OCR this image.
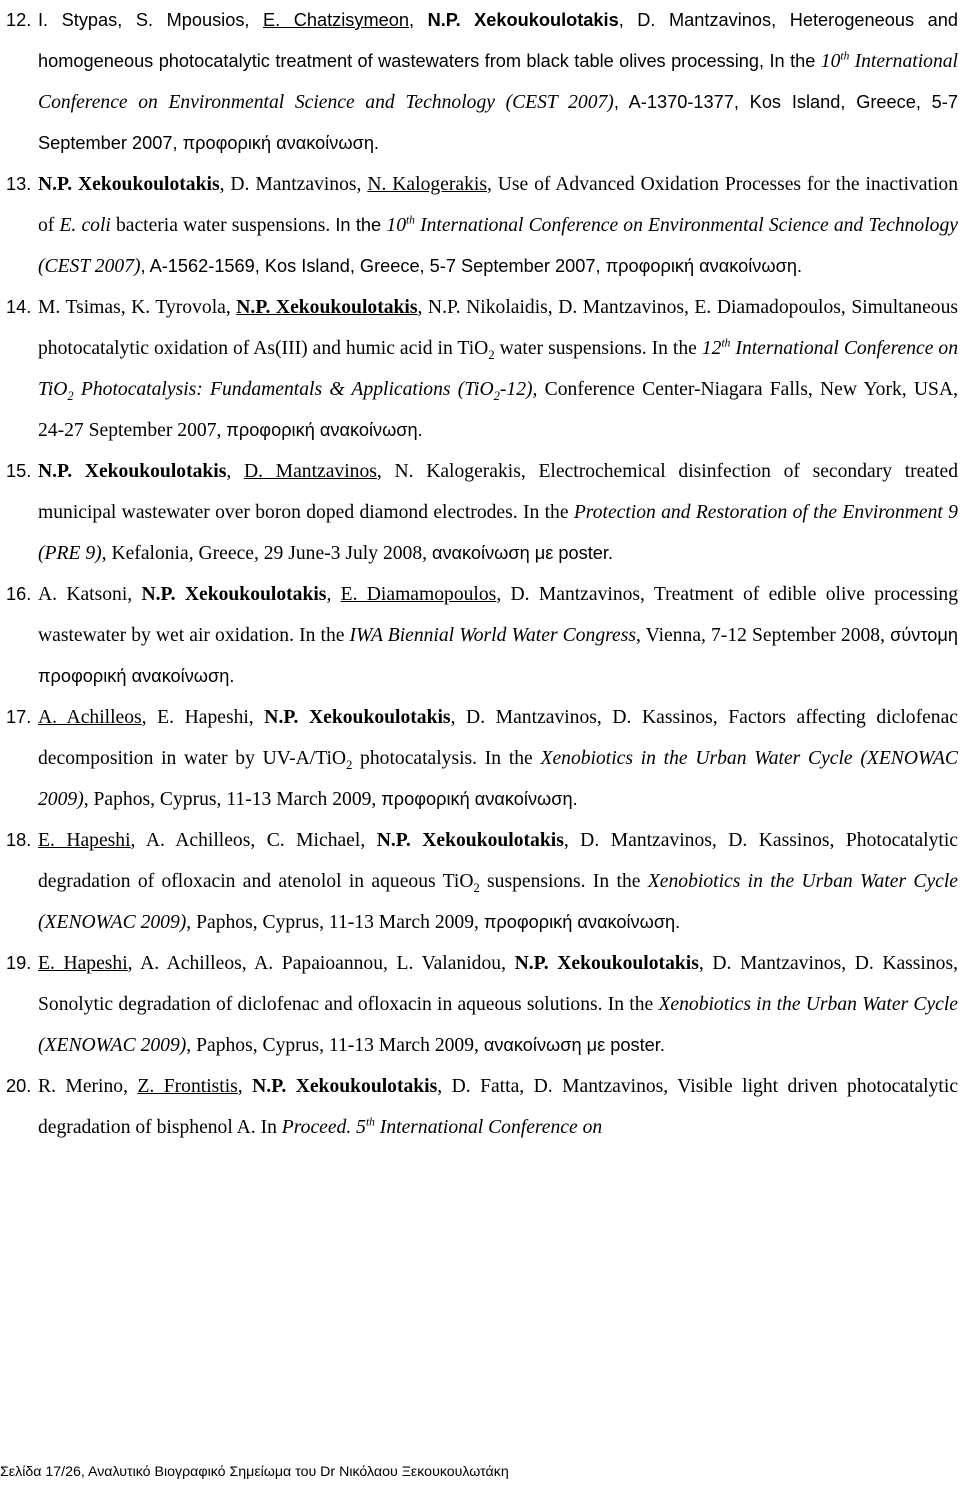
12. I. Stypas, S. Mpousios, E. Chatzisymeon, N.P. Xekoukoulotakis, D. Mantzavinos, Heterogeneous and homogeneous photocatalytic treatment of wastewaters from black table olives processing, In the 10th International Conference on Environmental Science and Technology (CEST 2007), A-1370-1377, Kos Island, Greece, 5-7 September 2007, προφορική ανακοίνωση.
13. N.P. Xekoukoulotakis, D. Mantzavinos, N. Kalogerakis, Use of Advanced Oxidation Processes for the inactivation of E. coli bacteria water suspensions. In the 10th International Conference on Environmental Science and Technology (CEST 2007), A-1562-1569, Kos Island, Greece, 5-7 September 2007, προφορική ανακοίνωση.
14. M. Tsimas, K. Tyrovola, N.P. Xekoukoulotakis, N.P. Nikolaidis, D. Mantzavinos, E. Diamadopoulos, Simultaneous photocatalytic oxidation of As(III) and humic acid in TiO$_2$ water suspensions. In the 12th International Conference on TiO$_2$ Photocatalysis: Fundamentals & Applications (TiO$_2$-12), Conference Center-Niagara Falls, New York, USA, 24-27 September 2007, προφορική ανακοίνωση.
15. N.P. Xekoukoulotakis, D. Mantzavinos, N. Kalogerakis, Electrochemical disinfection of secondary treated municipal wastewater over boron doped diamond electrodes. In the Protection and Restoration of the Environment 9 (PRE 9), Kefalonia, Greece, 29 June-3 July 2008, ανακοίνωση με poster.
16. A. Katsoni, N.P. Xekoukoulotakis, E. Diamamopoulos, D. Mantzavinos, Treatment of edible olive processing wastewater by wet air oxidation. In the IWA Biennial World Water Congress, Vienna, 7-12 September 2008, σύντομη προφορική ανακοίνωση.
17. A. Achilleos, E. Hapeshi, N.P. Xekoukoulotakis, D. Mantzavinos, D. Kassinos, Factors affecting diclofenac decomposition in water by UV-A/TiO$_2$ photocatalysis. In the Xenobiotics in the Urban Water Cycle (XENOWAC 2009), Paphos, Cyprus, 11-13 March 2009, προφορική ανακοίνωση.
18. E. Hapeshi, A. Achilleos, C. Michael, N.P. Xekoukoulotakis, D. Mantzavinos, D. Kassinos, Photocatalytic degradation of ofloxacin and atenolol in aqueous TiO$_2$ suspensions. In the Xenobiotics in the Urban Water Cycle (XENOWAC 2009), Paphos, Cyprus, 11-13 March 2009, προφορική ανακοίνωση.
19. E. Hapeshi, A. Achilleos, A. Papaioannou, L. Valanidou, N.P. Xekoukoulotakis, D. Mantzavinos, D. Kassinos, Sonolytic degradation of diclofenac and ofloxacin in aqueous solutions. In the Xenobiotics in the Urban Water Cycle (XENOWAC 2009), Paphos, Cyprus, 11-13 March 2009, ανακοίνωση με poster.
20. R. Merino, Z. Frontistis, N.P. Xekoukoulotakis, D. Fatta, D. Mantzavinos, Visible light driven photocatalytic degradation of bisphenol A. In Proceed. 5th International Conference on
Σελίδα 17/26, Αναλυτικό Βιογραφικό Σημείωμα του Dr Νικόλαου Ξεκουκουλωτάκη
